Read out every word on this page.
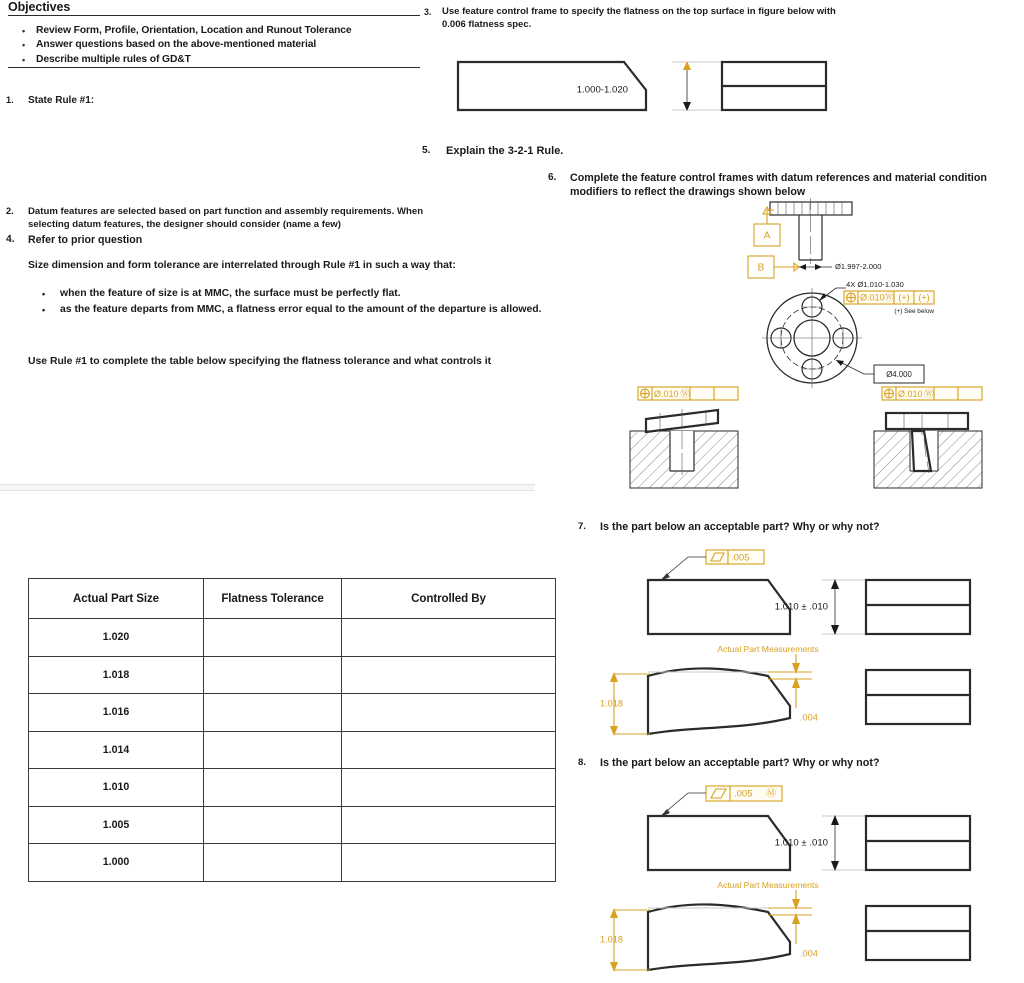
Objectives
•	Review Form, Profile, Orientation, Location and Runout Tolerance
•	Answer questions based on the above-mentioned material
•	Describe multiple rules of GD&T
1.	State Rule #1:
2.	Datum features are selected based on part function and assembly requirements. When selecting datum features, the designer should consider (name a few)
4.	Refer to prior question
Size dimension and form tolerance are interrelated through Rule #1 in such a way that:
•	when the feature of size is at MMC, the surface must be perfectly flat.
•	as the feature departs from MMC, a flatness error equal to the amount of the departure is allowed.
Use Rule #1 to complete the table below specifying the flatness tolerance and what controls it
Actual Part Size	Flatness Tolerance	Controlled By
1.020		
1.018		
1.016		
1.014		
1.010		
1.005		
1.000		
3.	Use feature control frame to specify the flatness on the top surface in figure below with 0.006 flatness spec.
1.000-1.020
5.	Explain the 3-2-1 Rule.
6.	Complete the feature control frames with datum references and material condition modifiers to reflect the drawings shown below
A
B	Ø1.997-2.000
4X Ø1.010-1.030
Ø.010 Ⓦ (+) (+)
(+) See below
Ø4.000
Ø.010 Ⓦ	Ø.010 Ⓦ
7.	Is the part below an acceptable part? Why or why not?
.005
1.010 ± .010
Actual Part Measurements
1.018
.004
8.	Is the part below an acceptable part? Why or why not?
.005 Ⓜ
1.010 ± .010
Actual Part Measurements
1.018
.004
